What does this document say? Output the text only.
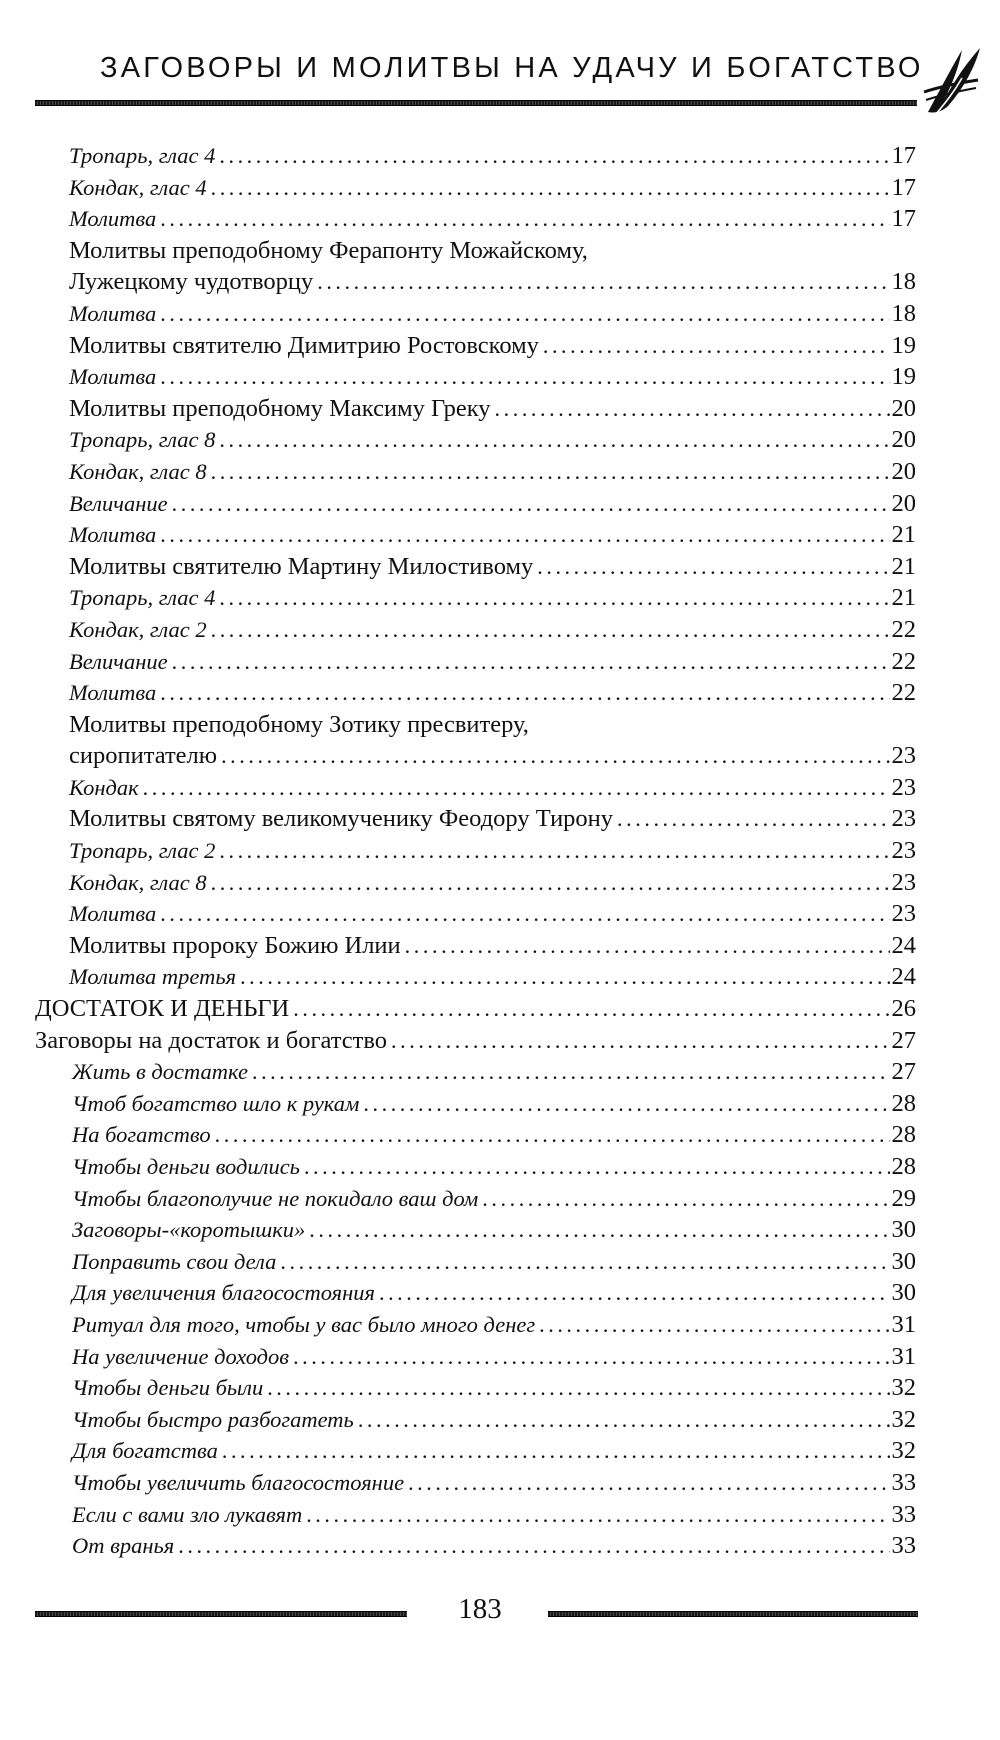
ЗАГОВОРЫ И МОЛИТВЫ НА УДАЧУ И БОГАТСТВО
Тропарь, глас 4 .....	17
Кондак, глас 4 .....	17
Молитва .....	17
Молитвы преподобному Ферапонту Можайскому,
Лужецкому чудотворцу .....	18
Молитва .....	18
Молитвы святителю Димитрию Ростовскому .....	19
Молитва .....	19
Молитвы преподобному Максиму Греку .....	20
Тропарь, глас 8 .....	20
Кондак, глас 8 .....	20
Величание .....	20
Молитва .....	21
Молитвы святителю Мартину Милостивому .....	21
Тропарь, глас 4 .....	21
Кондак, глас 2 .....	22
Величание .....	22
Молитва .....	22
Молитвы преподобному Зотику пресвитеру,
сиропитателю .....	23
Кондак .....	23
Молитвы святому великомученику Феодору Тирону .....	23
Тропарь, глас 2 .....	23
Кондак, глас 8 .....	23
Молитва .....	23
Молитвы пророку Божию Илии .....	24
Молитва третья .....	24
ДОСТАТОК И ДЕНЬГИ .....	26
Заговоры на достаток и богатство .....	27
Жить в достатке .....	27
Чтоб богатство шло к рукам .....	28
На богатство .....	28
Чтобы деньги водились .....	28
Чтобы благополучие не покидало ваш дом .....	29
Заговоры-«коротышки» .....	30
Поправить свои дела .....	30
Для увеличения благосостояния .....	30
Ритуал для того, чтобы у вас было много денег .....	31
На увеличение доходов .....	31
Чтобы деньги были .....	32
Чтобы быстро разбогатеть .....	32
Для богатства .....	32
Чтобы увеличить благосостояние .....	33
Если с вами зло лукавят .....	33
От вранья .....	33
183
